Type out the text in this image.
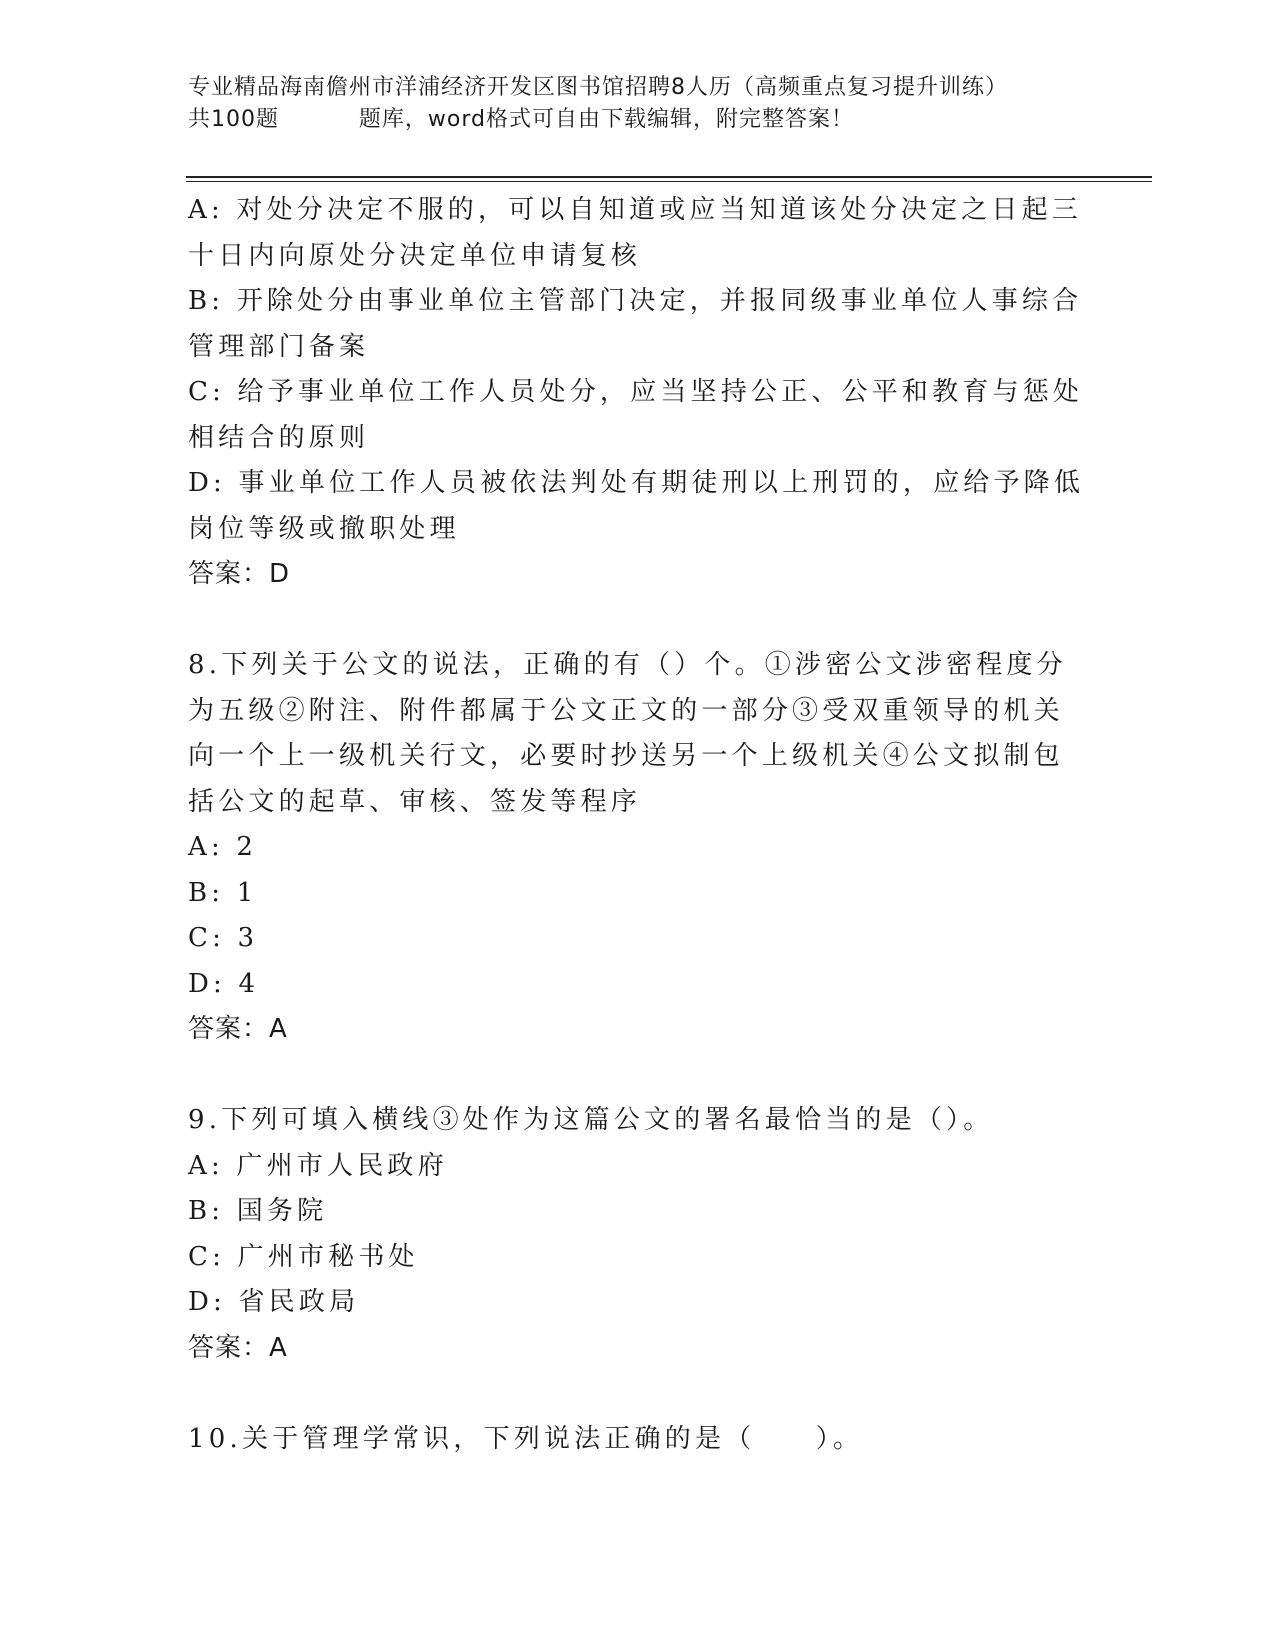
专业精品海南儋州市洋浦经济开发区图书馆招聘8人历（高频重点复习提升训练）
共100题          题库，word格式可自由下载编辑，附完整答案！
A: 对处分决定不服的，可以自知道或应当知道该处分决定之日起三十日内向原处分决定单位申请复核
B: 开除处分由事业单位主管部门决定，并报同级事业单位人事综合管理部门备案
C: 给予事业单位工作人员处分，应当坚持公正、公平和教育与惩处相结合的原则
D: 事业单位工作人员被依法判处有期徒刑以上刑罚的，应给予降低岗位等级或撤职处理
答案：D
8.下列关于公文的说法，正确的有（）个。①涉密公文涉密程度分为五级②附注、附件都属于公文正文的一部分③受双重领导的机关向一个上一级机关行文，必要时抄送另一个上级机关④公文拟制包括公文的起草、审核、签发等程序
A: 2
B: 1
C: 3
D: 4
答案：A
9.下列可填入横线③处作为这篇公文的署名最恰当的是（）。
A: 广州市人民政府
B: 国务院
C: 广州市秘书处
D: 省民政局
答案：A
10.关于管理学常识，下列说法正确的是（　　）。
